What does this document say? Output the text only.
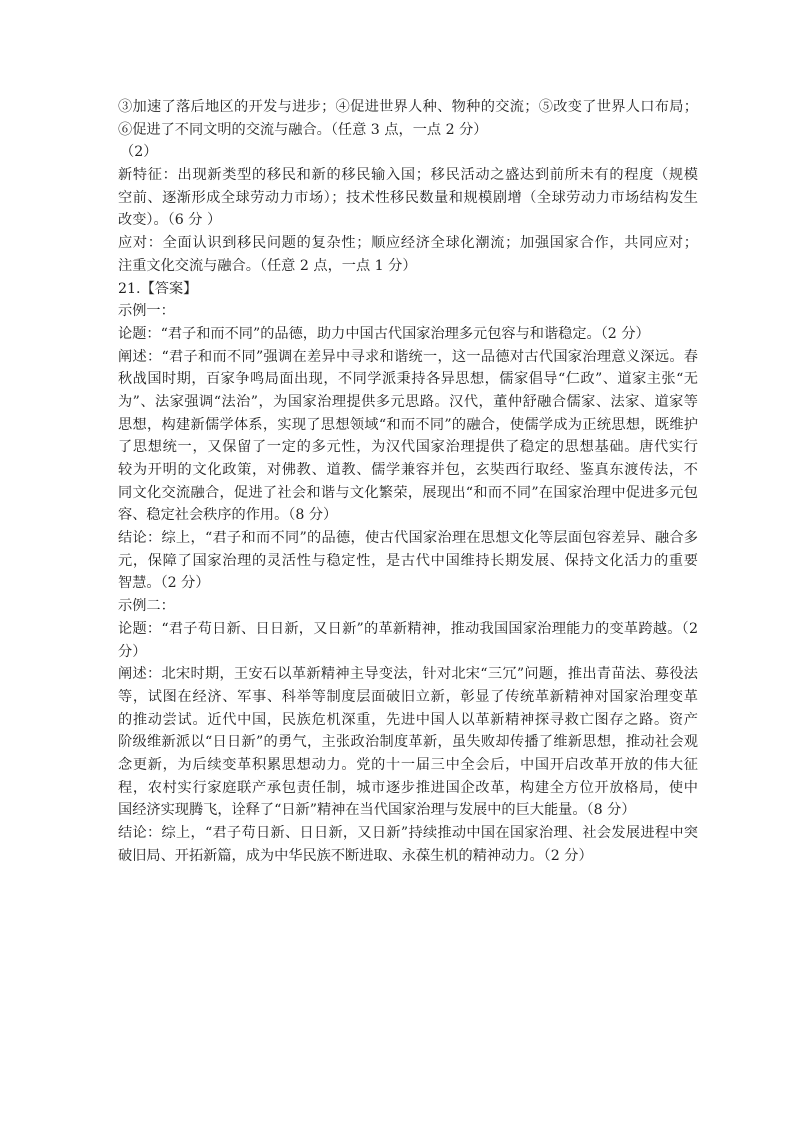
③加速了落后地区的开发与进步；④促进世界人种、物种的交流；⑤改变了世界人口布局；
⑥促进了不同文明的交流与融合。（任意 3 点，一点 2 分）
（2）
新特征：出现新类型的移民和新的移民输入国；移民活动之盛达到前所未有的程度（规模
空前、逐渐形成全球劳动力市场）；技术性移民数量和规模剧增（全球劳动力市场结构发生
改变）。（6 分 ）
应对：全面认识到移民问题的复杂性；顺应经济全球化潮流；加强国家合作，共同应对；
注重文化交流与融合。（任意 2 点，一点 1 分）
21.【答案】
示例一：
论题：“君子和而不同”的品德，助力中国古代国家治理多元包容与和谐稳定。（2 分）
阐述：“君子和而不同”强调在差异中寻求和谐统一，这一品德对古代国家治理意义深远。春
秋战国时期，百家争鸣局面出现，不同学派秉持各异思想，儒家倡导“仁政”、道家主张“无
为”、法家强调“法治”，为国家治理提供多元思路。汉代，董仲舒融合儒家、法家、道家等
思想，构建新儒学体系，实现了思想领域“和而不同”的融合，使儒学成为正统思想，既维护
了思想统一，又保留了一定的多元性，为汉代国家治理提供了稳定的思想基础。唐代实行
较为开明的文化政策，对佛教、道教、儒学兼容并包，玄奘西行取经、鉴真东渡传法，不
同文化交流融合，促进了社会和谐与文化繁荣，展现出“和而不同”在国家治理中促进多元包
容、稳定社会秩序的作用。（8 分）
结论：综上，“君子和而不同”的品德，使古代国家治理在思想文化等层面包容差异、融合多
元，保障了国家治理的灵活性与稳定性，是古代中国维持长期发展、保持文化活力的重要
智慧。（2 分）
示例二：
论题：“君子苟日新、日日新，又日新”的革新精神，推动我国国家治理能力的变革跨越。（2
分）
阐述：北宋时期，王安石以革新精神主导变法，针对北宋“三冗”问题，推出青苗法、募役法
等，试图在经济、军事、科举等制度层面破旧立新，彰显了传统革新精神对国家治理变革
的推动尝试。近代中国，民族危机深重，先进中国人以革新精神探寻救亡图存之路。资产
阶级维新派以“日日新”的勇气，主张政治制度革新，虽失败却传播了维新思想，推动社会观
念更新，为后续变革积累思想动力。党的十一届三中全会后，中国开启改革开放的伟大征
程，农村实行家庭联产承包责任制，城市逐步推进国企改革，构建全方位开放格局，使中
国经济实现腾飞，诠释了“日新”精神在当代国家治理与发展中的巨大能量。（8 分）
结论：综上，“君子苟日新、日日新，又日新”持续推动中国在国家治理、社会发展进程中突
破旧局、开拓新篇，成为中华民族不断进取、永葆生机的精神动力。（2 分）
